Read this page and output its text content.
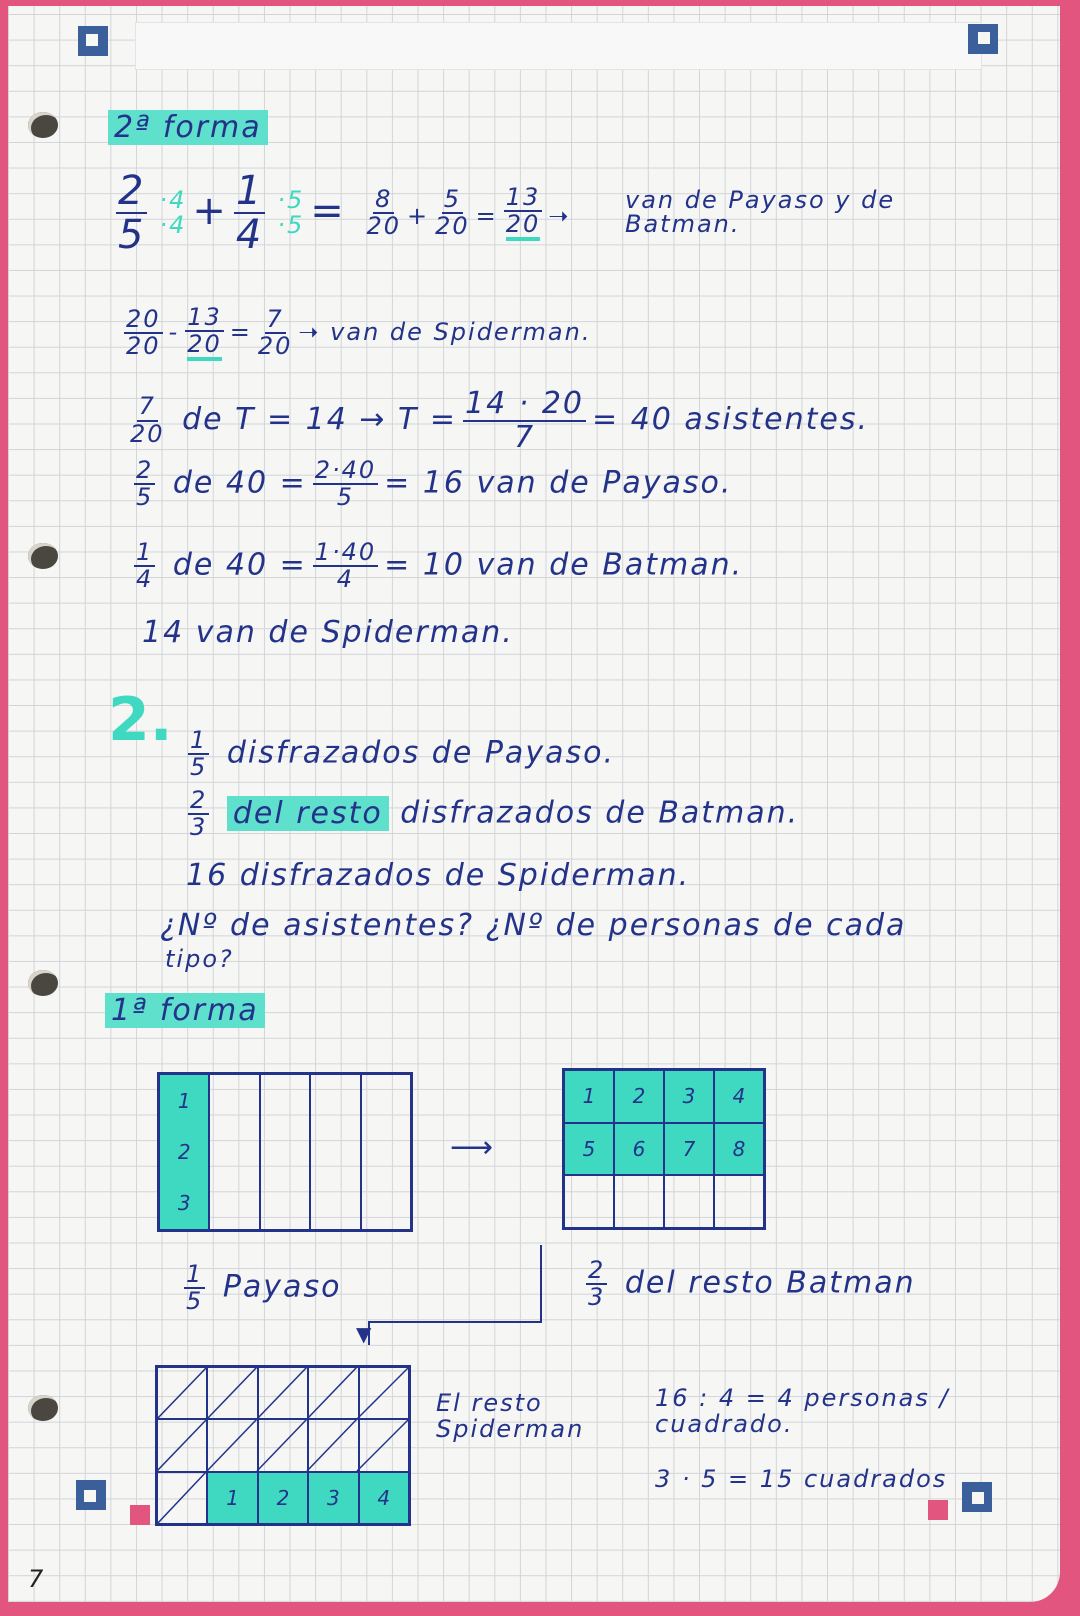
2ª forma
$\frac{2}{5} \cdot 4$
$\cdot 4 + \frac{1}{4} \cdot 5$
$\cdot 5 = \frac{8}{20} + \frac{5}{20} = \frac{13}{20}$ ➝
van de Payaso y de Batman.
$\frac{20}{20} - \frac{13}{20} = \frac{7}{20}$ ➝ van de Spiderman.
$\frac{7}{20}$ de $T = 14 \to T = \frac{14 \cdot 20}{7} = 40$ asistentes.
$\frac{2}{5}$ de $40 = \frac{2\cdot 40}{5} = 16$ van de Payaso.
$\frac{1}{4}$ de $40 = \frac{1\cdot 40}{4} = 10$ van de Batman.
14 van de Spiderman.
2. $\frac{1}{5}$ disfrazados de Payaso.
$\frac{2}{3}$ del resto disfrazados de Batman.
16 disfrazados de Spiderman.
¿Nº de asistentes? ¿Nº de personas de cada
tipo?
1ª forma
1
2
3
⟶
1	2	3	4
5	6	7	8
$\frac{1}{5}$ Payaso	$\frac{2}{3}$ del resto Batman
▼
1	2	3	4
El resto
Spiderman
16 : 4 = 4 personas /
cuadrado.
3 · 5 = 15 cuadrados
7
